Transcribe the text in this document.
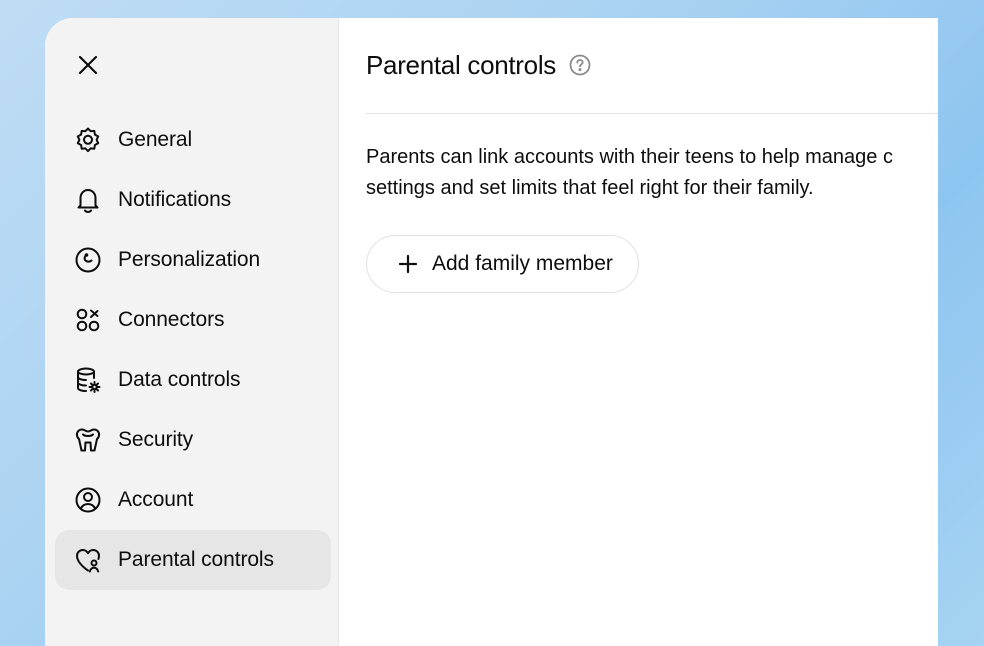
General
Notifications
Personalization
Connectors
Data controls
Security
Account
Parental controls
Parental controls

Parents can link accounts with their teens to help manage c
settings and set limits that feel right for their family.

Add family member
